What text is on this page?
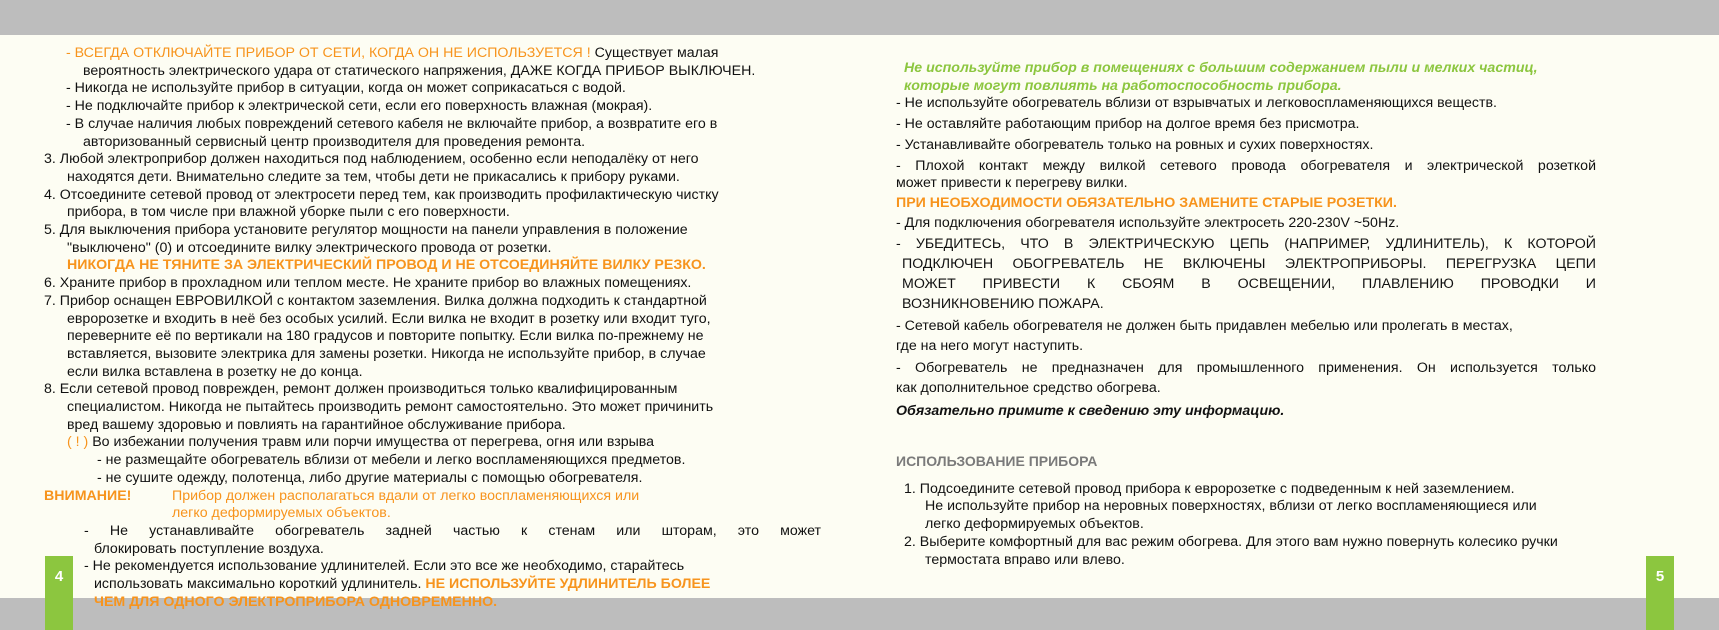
4	5
- ВСЕГДА ОТКЛЮЧАЙТЕ ПРИБОР ОТ СЕТИ, КОГДА ОН НЕ ИСПОЛЬЗУЕТСЯ ! Существует малая
вероятность электрического удара от статического напряжения, ДАЖЕ КОГДА ПРИБОР ВЫКЛЮЧЕН.
- Никогда не используйте прибор в ситуации, когда он может соприкасаться с водой.
- Не подключайте прибор к электрической сети, если его поверхность влажная (мокрая).
- В случае наличия любых повреждений сетевого кабеля не включайте прибор, а возвратите его в
авторизованный сервисный центр производителя для проведения ремонта.
3. Любой электроприбор должен находиться под наблюдением, особенно если неподалёку от него
находятся дети. Внимательно следите за тем, чтобы дети не прикасались к прибору руками.
4. Отсоедините сетевой провод от электросети перед тем, как производить профилактическую чистку
прибора, в том числе при влажной уборке пыли с его поверхности.
5. Для выключения прибора установите регулятор мощности на панели управления в положение
"выключено" (0) и отсоедините вилку электрического провода от розетки.
НИКОГДА НЕ ТЯНИТЕ ЗА ЭЛЕКТРИЧЕСКИЙ ПРОВОД И НЕ ОТСОЕДИНЯЙТЕ ВИЛКУ РЕЗКО.
6. Храните прибор в прохладном или теплом месте. Не храните прибор во влажных помещениях.
7. Прибор оснащен ЕВРОВИЛКОЙ с контактом заземления. Вилка должна подходить к стандартной
евророзетке и входить в неё без особых усилий. Если вилка не входит в розетку или входит туго,
переверните её по вертикали на 180 градусов и повторите попытку. Если вилка по-прежнему не
вставляется, вызовите электрика для замены розетки. Никогда не используйте прибор, в случае
если вилка вставлена в розетку не до конца.
8. Если сетевой провод поврежден, ремонт должен производиться только квалифицированным
специалистом. Никогда не пытайтесь производить ремонт самостоятельно. Это может причинить
вред вашему здоровью и повлиять на гарантийное обслуживание прибора.
( ! ) Во избежании получения травм или порчи имущества от перегрева, огня или взрыва
- не размещайте обогреватель вблизи от мебели и легко воспламеняющихся предметов.
- не сушите одежду, полотенца, либо другие материалы с помощью обогревателя.
ВНИМАНИЕ!	Прибор должен располагаться вдали от легко воспламеняющихся или
легко деформируемых объектов.
- Не устанавливайте обогреватель задней частью к стенам или шторам, это может
блокировать поступление воздуха.
- Не рекомендуется использование удлинителей. Если это все же необходимо, старайтесь
использовать максимально короткий удлинитель. НЕ ИСПОЛЬЗУЙТЕ УДЛИНИТЕЛЬ БОЛЕЕ
ЧЕМ ДЛЯ ОДНОГО ЭЛЕКТРОПРИБОРА ОДНОВРЕМЕННО.
Не используйте прибор в помещениях с большим содержанием пыли и мелких частиц,
которые могут повлиять на работоспособность прибора.
- Не используйте обогреватель вблизи от взрывчатых и легковоспламеняющихся веществ.
- Не оставляйте работающим прибор на долгое время без присмотра.
- Устанавливайте обогреватель только на ровных и сухих поверхностях.
- Плохой контакт между вилкой сетевого провода обогревателя и электрической розеткой
может привести к перегреву вилки.
ПРИ НЕОБХОДИМОСТИ ОБЯЗАТЕЛЬНО ЗАМЕНИТЕ СТАРЫЕ РОЗЕТКИ.
- Для подключения обогревателя используйте электросеть 220-230V ~50Hz.
- УБЕДИТЕСЬ, ЧТО В ЭЛЕКТРИЧЕСКУЮ ЦЕПЬ (НАПРИМЕР, УДЛИНИТЕЛЬ), К КОТОРОЙ
ПОДКЛЮЧЕН ОБОГРЕВАТЕЛЬ НЕ ВКЛЮЧЕНЫ ЭЛЕКТРОПРИБОРЫ. ПЕРЕГРУЗКА ЦЕПИ
МОЖЕТ ПРИВЕСТИ К СБОЯМ В ОСВЕЩЕНИИ, ПЛАВЛЕНИЮ ПРОВОДКИ И
ВОЗНИКНОВЕНИЮ ПОЖАРА.
- Сетевой кабель обогревателя не должен быть придавлен мебелью или пролегать в местах,
где на него могут наступить.
- Обогреватель не предназначен для промышленного применения. Он используется только
как дополнительное средство обогрева.
Обязательно примите к сведению эту информацию.
ИСПОЛЬЗОВАНИЕ ПРИБОРА
1. Подсоедините сетевой провод прибора к евророзетке с подведенным к ней заземлением.
Не используйте прибор на неровных поверхностях, вблизи от легко воспламеняющиеся или
легко деформируемых объектов.
2. Выберите комфортный для вас режим обогрева. Для этого вам нужно повернуть колесико ручки
термостата вправо или влево.
